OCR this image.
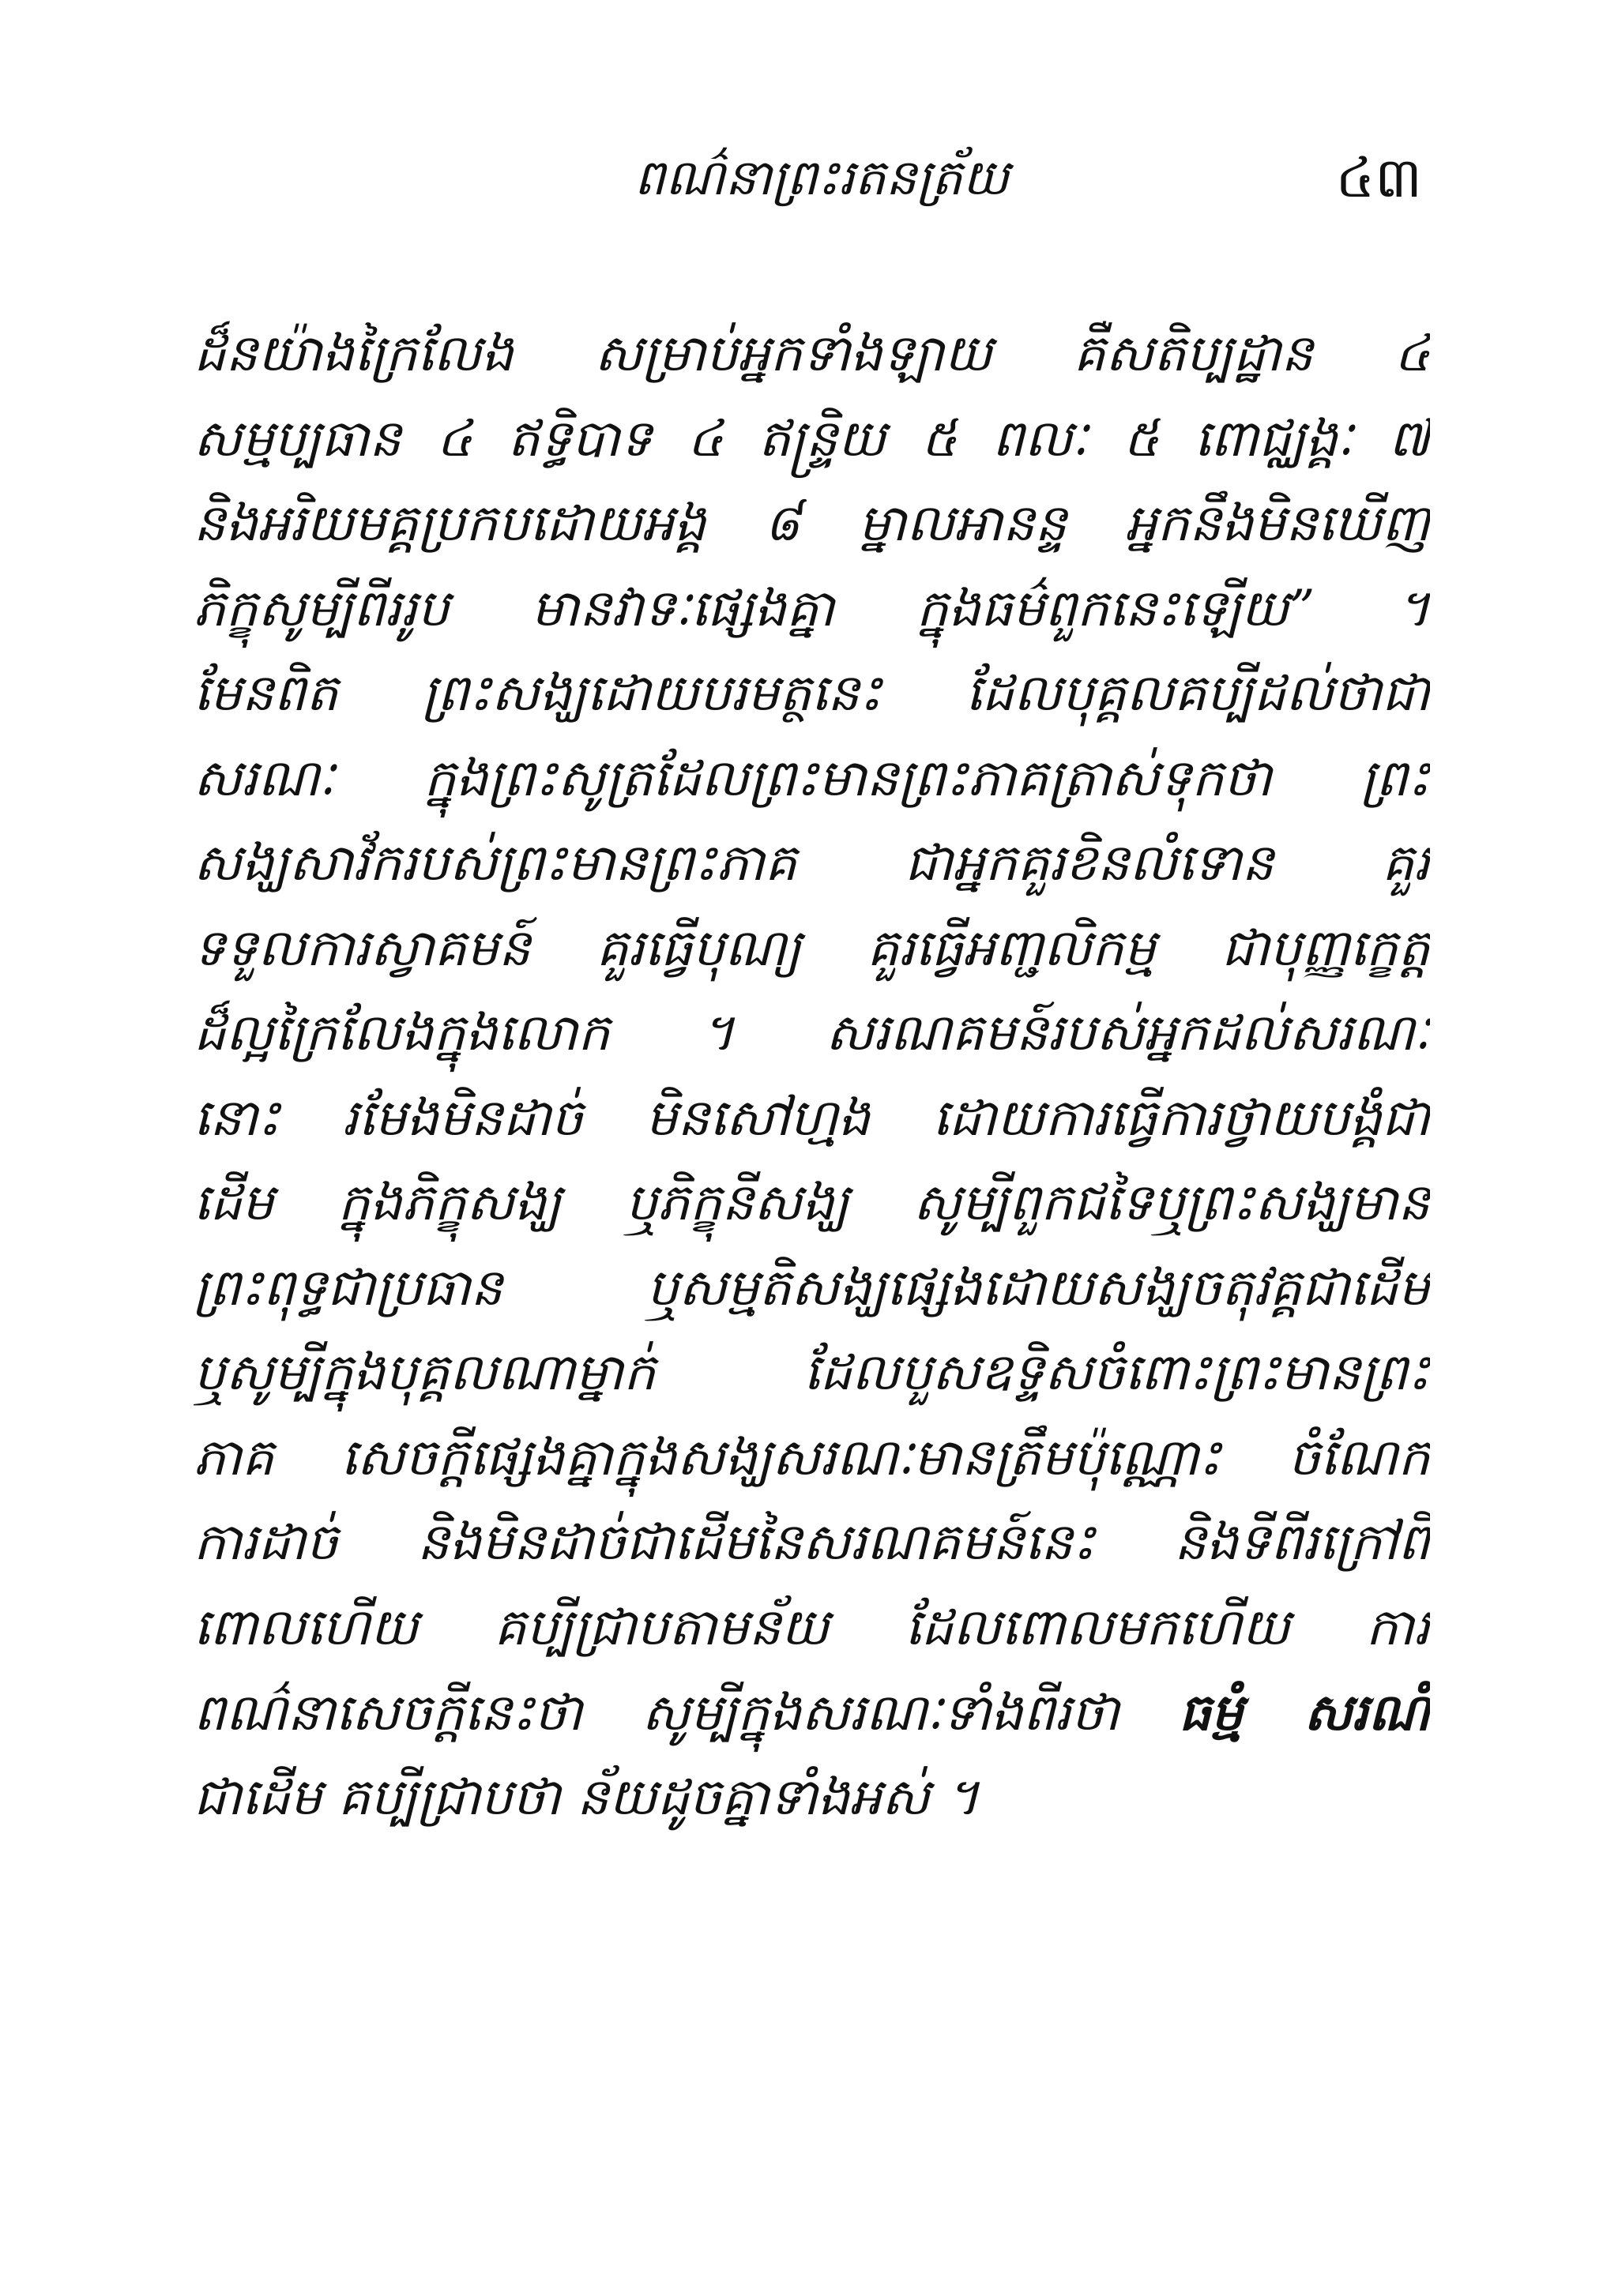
ពណ៌នាព្រះរតនត្រ័យ	៤៣
ដ៏នយ៉ាងក្រៃលែង សម្រាប់អ្នកទាំងឡាយ គឺសតិប្បដ្ឋាន ៤
សម្មប្បធាន ៤ ឥទ្ធិបាទ ៤ ឥន្ទ្រិយ ៥ ពលៈ ៥ ពោជ្ឈង្គៈ ៧
និងអរិយមគ្គប្រកបដោយអង្គ ៨ ម្នាលអានន្ទ អ្នកនឹងមិនឃើញ
ភិក្ខុសូម្បីពីររូប មានវាទៈផ្សេងគ្នា ក្នុងធម៌ពួកនេះឡើយ” ។
មែនពិត ព្រះសង្ឃដោយបរមត្ថនេះ ដែលបុគ្គលគប្បីដល់ថាជា
សរណៈ ក្នុងព្រះសូត្រដែលព្រះមានព្រះភាគត្រាស់ទុកថា ព្រះ
សង្ឃសាវ័ករបស់ព្រះមានព្រះភាគ ជាអ្នកគួរខិនលំទោន គួរ
ទទួលការស្វាគមន៍ គួរធ្វើបុណ្យ គួរធ្វើអញ្ជលិកម្ម ជាបុញ្ញក្ខេត្ត
ដ៏ល្អក្រៃលែងក្នុងលោក ។ សរណគមន៍របស់អ្នកដល់សរណៈ
នោះ រមែងមិនដាច់ មិនសៅហ្មង ដោយការធ្វើការថ្វាយបង្គំជា
ដើម ក្នុងភិក្ខុសង្ឃ ឬភិក្ខុនីសង្ឃ សូម្បីពួកជទៃឬព្រះសង្ឃមាន
ព្រះពុទ្ធជាប្រធាន ឬសម្មតិសង្ឃផ្សេងដោយសង្ឃចតុវគ្គជាដើម
ឬសូម្បីក្នុងបុគ្គលណាម្នាក់ ដែលបួសឧទ្ទិសចំពោះព្រះមានព្រះ
ភាគ សេចក្ដីផ្សេងគ្នាក្នុងសង្ឃសរណៈមានត្រឹមប៉ុណ្ណោះ ចំណែក
ការដាច់ និងមិនដាច់ជាដើមនៃសរណគមន៍នេះ និងទីពីរក្រៅពី
ពោលហើយ គប្បីជ្រាបតាមន័យ ដែលពោលមកហើយ ការ
ពណ៌នាសេចក្ដីនេះថា សូម្បីក្នុងសរណៈទាំងពីរថា ធម្មំ សរណំ
ជាដើម គប្បីជ្រាបថា ន័យដូចគ្នាទាំងអស់ ។
